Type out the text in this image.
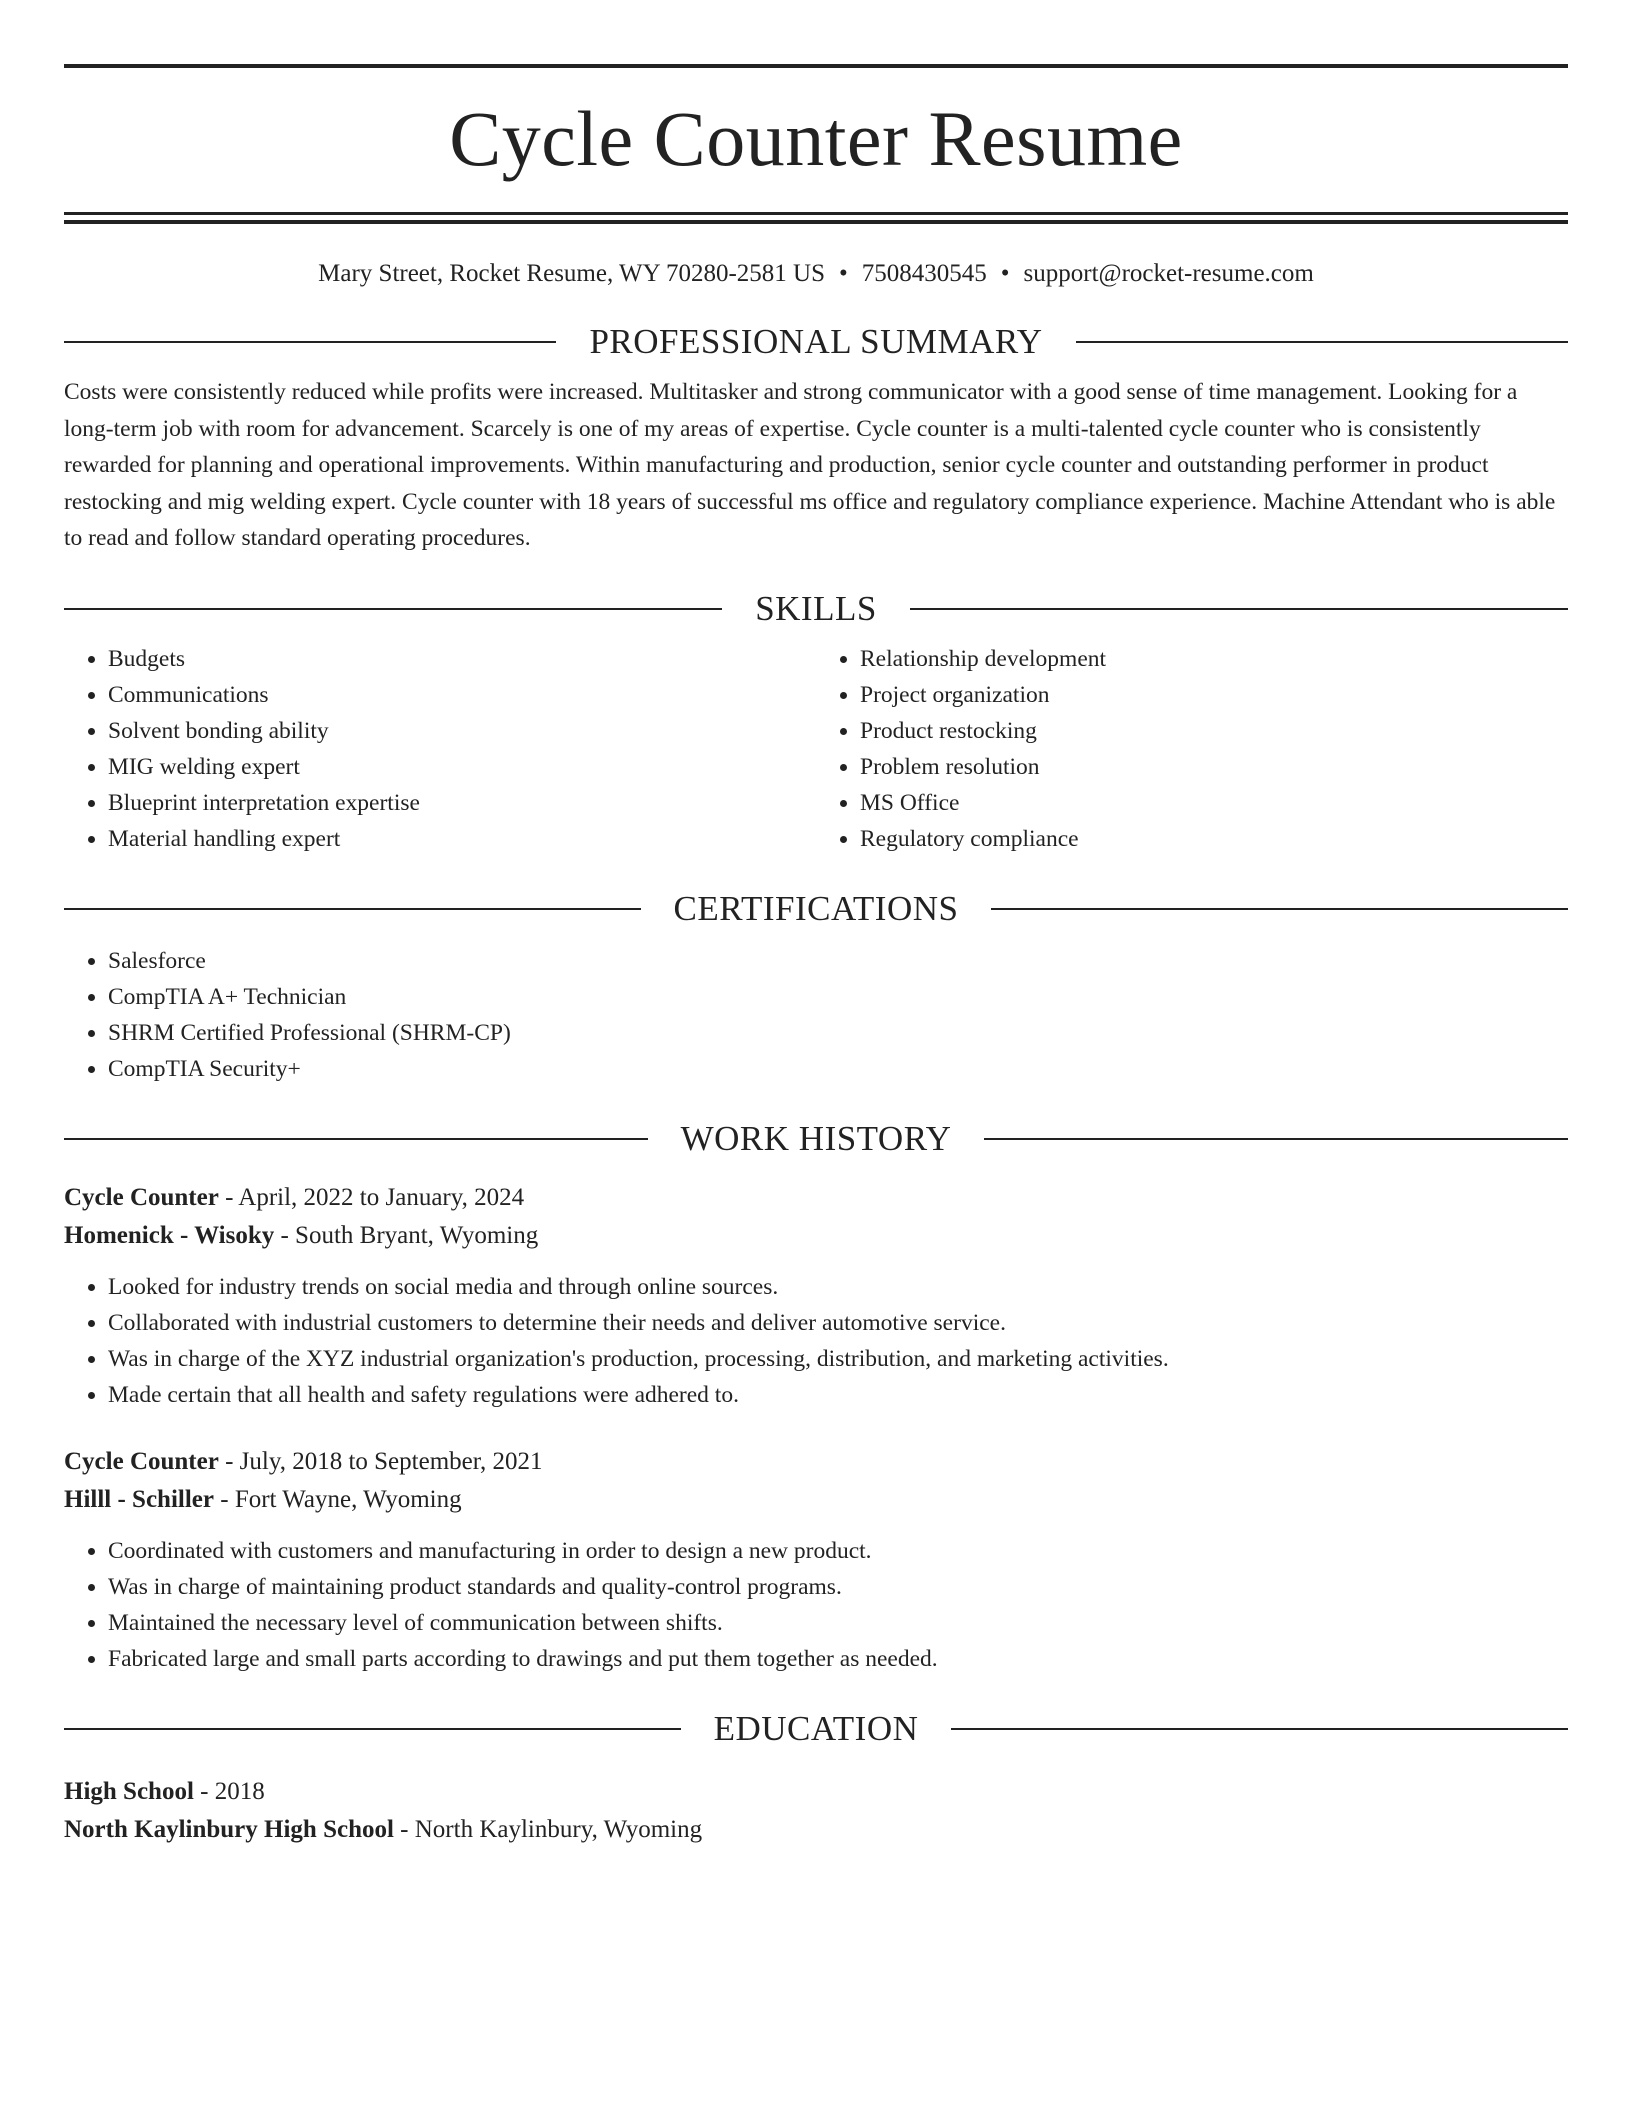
Cycle Counter Resume
Mary Street, Rocket Resume, WY 70280-2581 US • 7508430545 • support@rocket-resume.com
PROFESSIONAL SUMMARY
Costs were consistently reduced while profits were increased. Multitasker and strong communicator with a good sense of time management. Looking for a long-term job with room for advancement. Scarcely is one of my areas of expertise. Cycle counter is a multi-talented cycle counter who is consistently rewarded for planning and operational improvements. Within manufacturing and production, senior cycle counter and outstanding performer in product restocking and mig welding expert. Cycle counter with 18 years of successful ms office and regulatory compliance experience. Machine Attendant who is able to read and follow standard operating procedures.
SKILLS
• Budgets
• Communications
• Solvent bonding ability
• MIG welding expert
• Blueprint interpretation expertise
• Material handling expert
• Relationship development
• Project organization
• Product restocking
• Problem resolution
• MS Office
• Regulatory compliance
CERTIFICATIONS
• Salesforce
• CompTIA A+ Technician
• SHRM Certified Professional (SHRM-CP)
• CompTIA Security+
WORK HISTORY
Cycle Counter - April, 2022 to January, 2024
Homenick - Wisoky - South Bryant, Wyoming
• Looked for industry trends on social media and through online sources.
• Collaborated with industrial customers to determine their needs and deliver automotive service.
• Was in charge of the XYZ industrial organization's production, processing, distribution, and marketing activities.
• Made certain that all health and safety regulations were adhered to.
Cycle Counter - July, 2018 to September, 2021
Hilll - Schiller - Fort Wayne, Wyoming
• Coordinated with customers and manufacturing in order to design a new product.
• Was in charge of maintaining product standards and quality-control programs.
• Maintained the necessary level of communication between shifts.
• Fabricated large and small parts according to drawings and put them together as needed.
EDUCATION
High School - 2018
North Kaylinbury High School - North Kaylinbury, Wyoming
